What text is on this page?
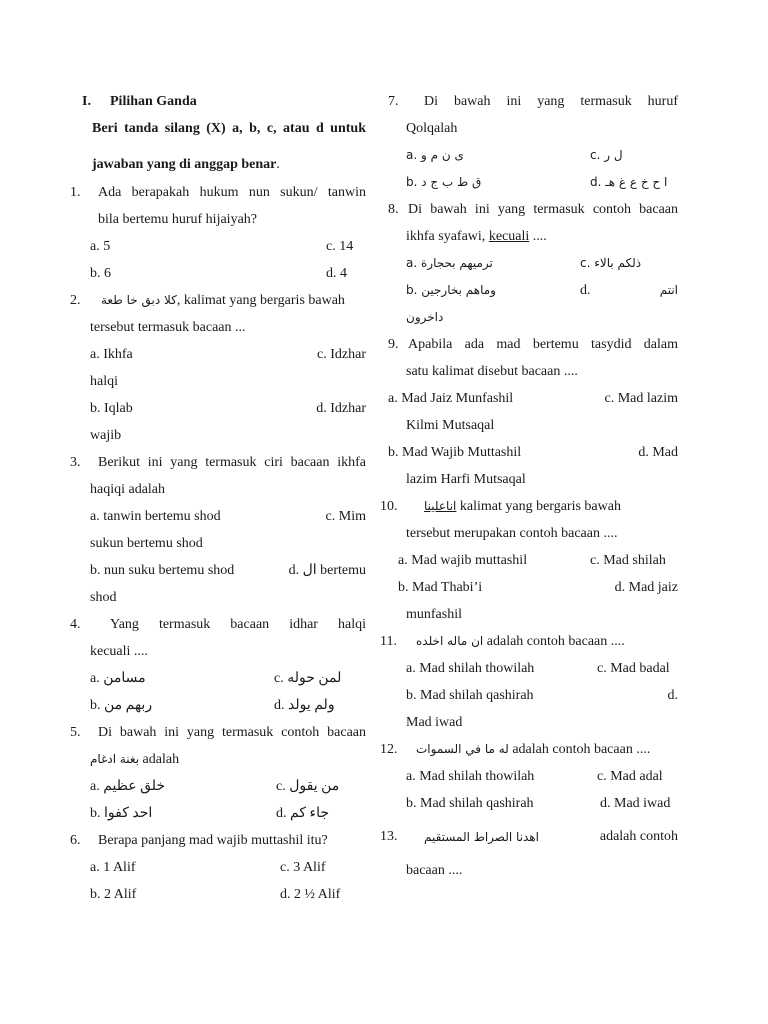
I. Pilihan Ganda
Beri tanda silang (X) a, b, c, atau d untuk
jawaban yang di anggap benar.
1. Ada berapakah hukum nun sukun/ tanwin
bila bertemu huruf hijaiyah?
a. 5	c. 14
b. 6	d. 4
2. كلا دبق خا طعة, kalimat yang bergaris bawah
tersebut termasuk bacaan ...
a. Ikhfa	c. Idzhar
halqi
b. Iqlab	d. Idzhar
wajib
3. Berikut ini yang termasuk ciri bacaan ikhfa
haqiqi adalah
a. tanwin bertemu shod	c. Mim
sukun bertemu shod
b. nun suku bertemu shod	d. ال bertemu
shod
4. Yang termasuk bacaan idhar halqi
kecuali ....
a. مسامن	c. لمن حوله
b. ربهم من	d. ولم يولد
5. Di bawah ini yang termasuk contoh bacaan
بغنة ادغام adalah
a. خلق عظيم	c. من يقول
b. احد كفوا	d. جاء كم
6. Berapa panjang mad wajib muttashil itu?
a. 1 Alif	c. 3 Alif
b. 2 Alif	d. 2 ½ Alif
7. Di bawah ini yang termasuk huruf
Qolqalah
a. ى ن م و	c. ل ر
b. ق ط ب ج د	d. ا ح خ ع غ هـ
8. Di bawah ini yang termasuk contoh bacaan
ikhfa syafawi, kecuali ....
a. ترميهم بحجارة	c. ذلكم بالاء
b. وماهم بخارجين	d.	انتم
داخرون
9. Apabila ada mad bertemu tasydid dalam
satu kalimat disebut bacaan ....
a. Mad Jaiz Munfashil	c. Mad lazim
Kilmi Mutsaqal
b. Mad Wajib Muttashil	d. Mad
lazim Harfi Mutsaqal
10. اناعلينا kalimat yang bergaris bawah
tersebut merupakan contoh bacaan ....
a. Mad wajib muttashil	c. Mad shilah
b. Mad Thabi’i	d. Mad jaiz
munfashil
11. ان ماله اخلده adalah contoh bacaan ....
a. Mad shilah thowilah	c. Mad badal
b. Mad shilah qashirah	d.
Mad iwad
12. له ما في السموات adalah contoh bacaan ....
a. Mad shilah thowilah	c. Mad adal
b. Mad shilah qashirah	d. Mad iwad
13. اهدنا الصراط المستقيم	adalah contoh
bacaan ....
